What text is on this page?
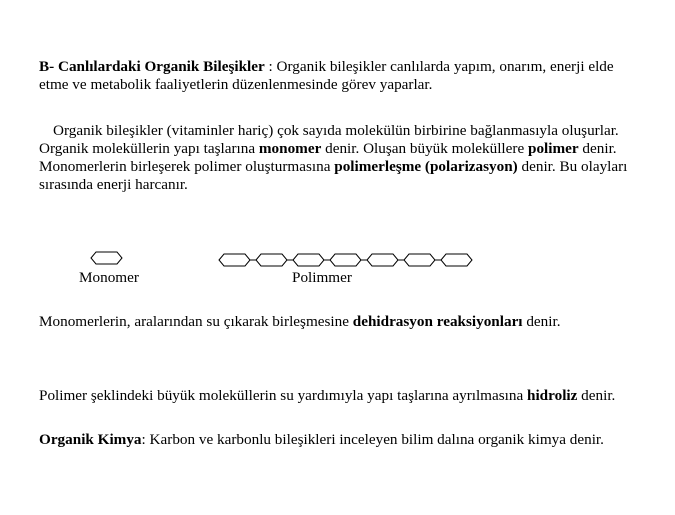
B- Canlılardaki Organik Bileşikler : Organik bileşikler canlılarda yapım, onarım, enerji elde etme ve metabolik faaliyetlerin düzenlenmesinde görev yaparlar.

Organik bileşikler (vitaminler hariç) çok sayıda molekülün birbirine bağlanmasıyla oluşurlar. Organik moleküllerin yapı taşlarına monomer denir. Oluşan büyük moleküllere polimer denir. Monomerlerin birleşerek polimer oluşturmasına polimerleşme (polarizasyon) denir. Bu olayları sırasında enerji harcanır.

Monomer	Polimmer

Monomerlerin, aralarından su çıkarak birleşmesine dehidrasyon reaksiyonları denir.

Polimer şeklindeki büyük moleküllerin su yardımıyla yapı taşlarına ayrılmasına hidroliz denir.

Organik Kimya: Karbon ve karbonlu bileşikleri inceleyen bilim dalına organik kimya denir.
